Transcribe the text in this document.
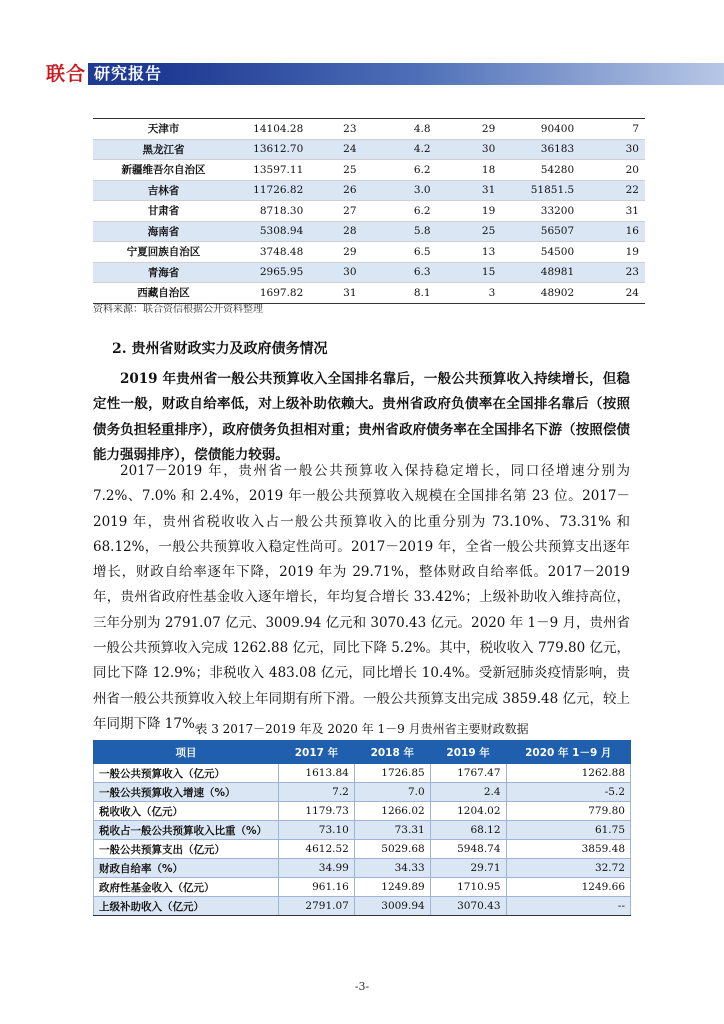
联合 研究报告
天津市	14104.28	23	4.8	29	90400	7
黑龙江省	13612.70	24	4.2	30	36183	30
新疆维吾尔自治区	13597.11	25	6.2	18	54280	20
吉林省	11726.82	26	3.0	31	51851.5	22
甘肃省	8718.30	27	6.2	19	33200	31
海南省	5308.94	28	5.8	25	56507	16
宁夏回族自治区	3748.48	29	6.5	13	54500	19
青海省	2965.95	30	6.3	15	48981	23
西藏自治区	1697.82	31	8.1	3	48902	24
资料来源：联合资信根据公开资料整理
2. 贵州省财政实力及政府债务情况

2019 年贵州省一般公共预算收入全国排名靠后，一般公共预算收入持续增长，但稳定性一般，财政自给率低，对上级补助依赖大。贵州省政府负债率在全国排名靠后（按照债务负担轻重排序），政府债务负担相对重；贵州省政府债务率在全国排名下游（按照偿债能力强弱排序），偿债能力较弱。

2017－2019 年，贵州省一般公共预算收入保持稳定增长，同口径增速分别为 7.2%、7.0% 和 2.4%，2019 年一般公共预算收入规模在全国排名第 23 位。2017－2019 年，贵州省税收收入占一般公共预算收入的比重分别为 73.10%、73.31% 和 68.12%，一般公共预算收入稳定性尚可。2017－2019 年，全省一般公共预算支出逐年增长，财政自给率逐年下降，2019 年为 29.71%，整体财政自给率低。2017－2019 年，贵州省政府性基金收入逐年增长，年均复合增长 33.42%；上级补助收入维持高位，三年分别为 2791.07 亿元、3009.94 亿元和 3070.43 亿元。2020 年 1－9 月，贵州省一般公共预算收入完成 1262.88 亿元，同比下降 5.2%。其中，税收收入 779.80 亿元，同比下降 12.9%；非税收入 483.08 亿元，同比增长 10.4%。受新冠肺炎疫情影响，贵州省一般公共预算收入较上年同期有所下滑。一般公共预算支出完成 3859.48 亿元，较上年同期下降 17%。

表 3 2017－2019 年及 2020 年 1－9 月贵州省主要财政数据
项目	2017 年	2018 年	2019 年	2020 年 1－9 月
一般公共预算收入（亿元）	1613.84	1726.85	1767.47	1262.88
一般公共预算收入增速（%）	7.2	7.0	2.4	-5.2
税收收入（亿元）	1179.73	1266.02	1204.02	779.80
税收占一般公共预算收入比重（%）	73.10	73.31	68.12	61.75
一般公共预算支出（亿元）	4612.52	5029.68	5948.74	3859.48
财政自给率（%）	34.99	34.33	29.71	32.72
政府性基金收入（亿元）	961.16	1249.89	1710.95	1249.66
上级补助收入（亿元）	2791.07	3009.94	3070.43	--
-3-
